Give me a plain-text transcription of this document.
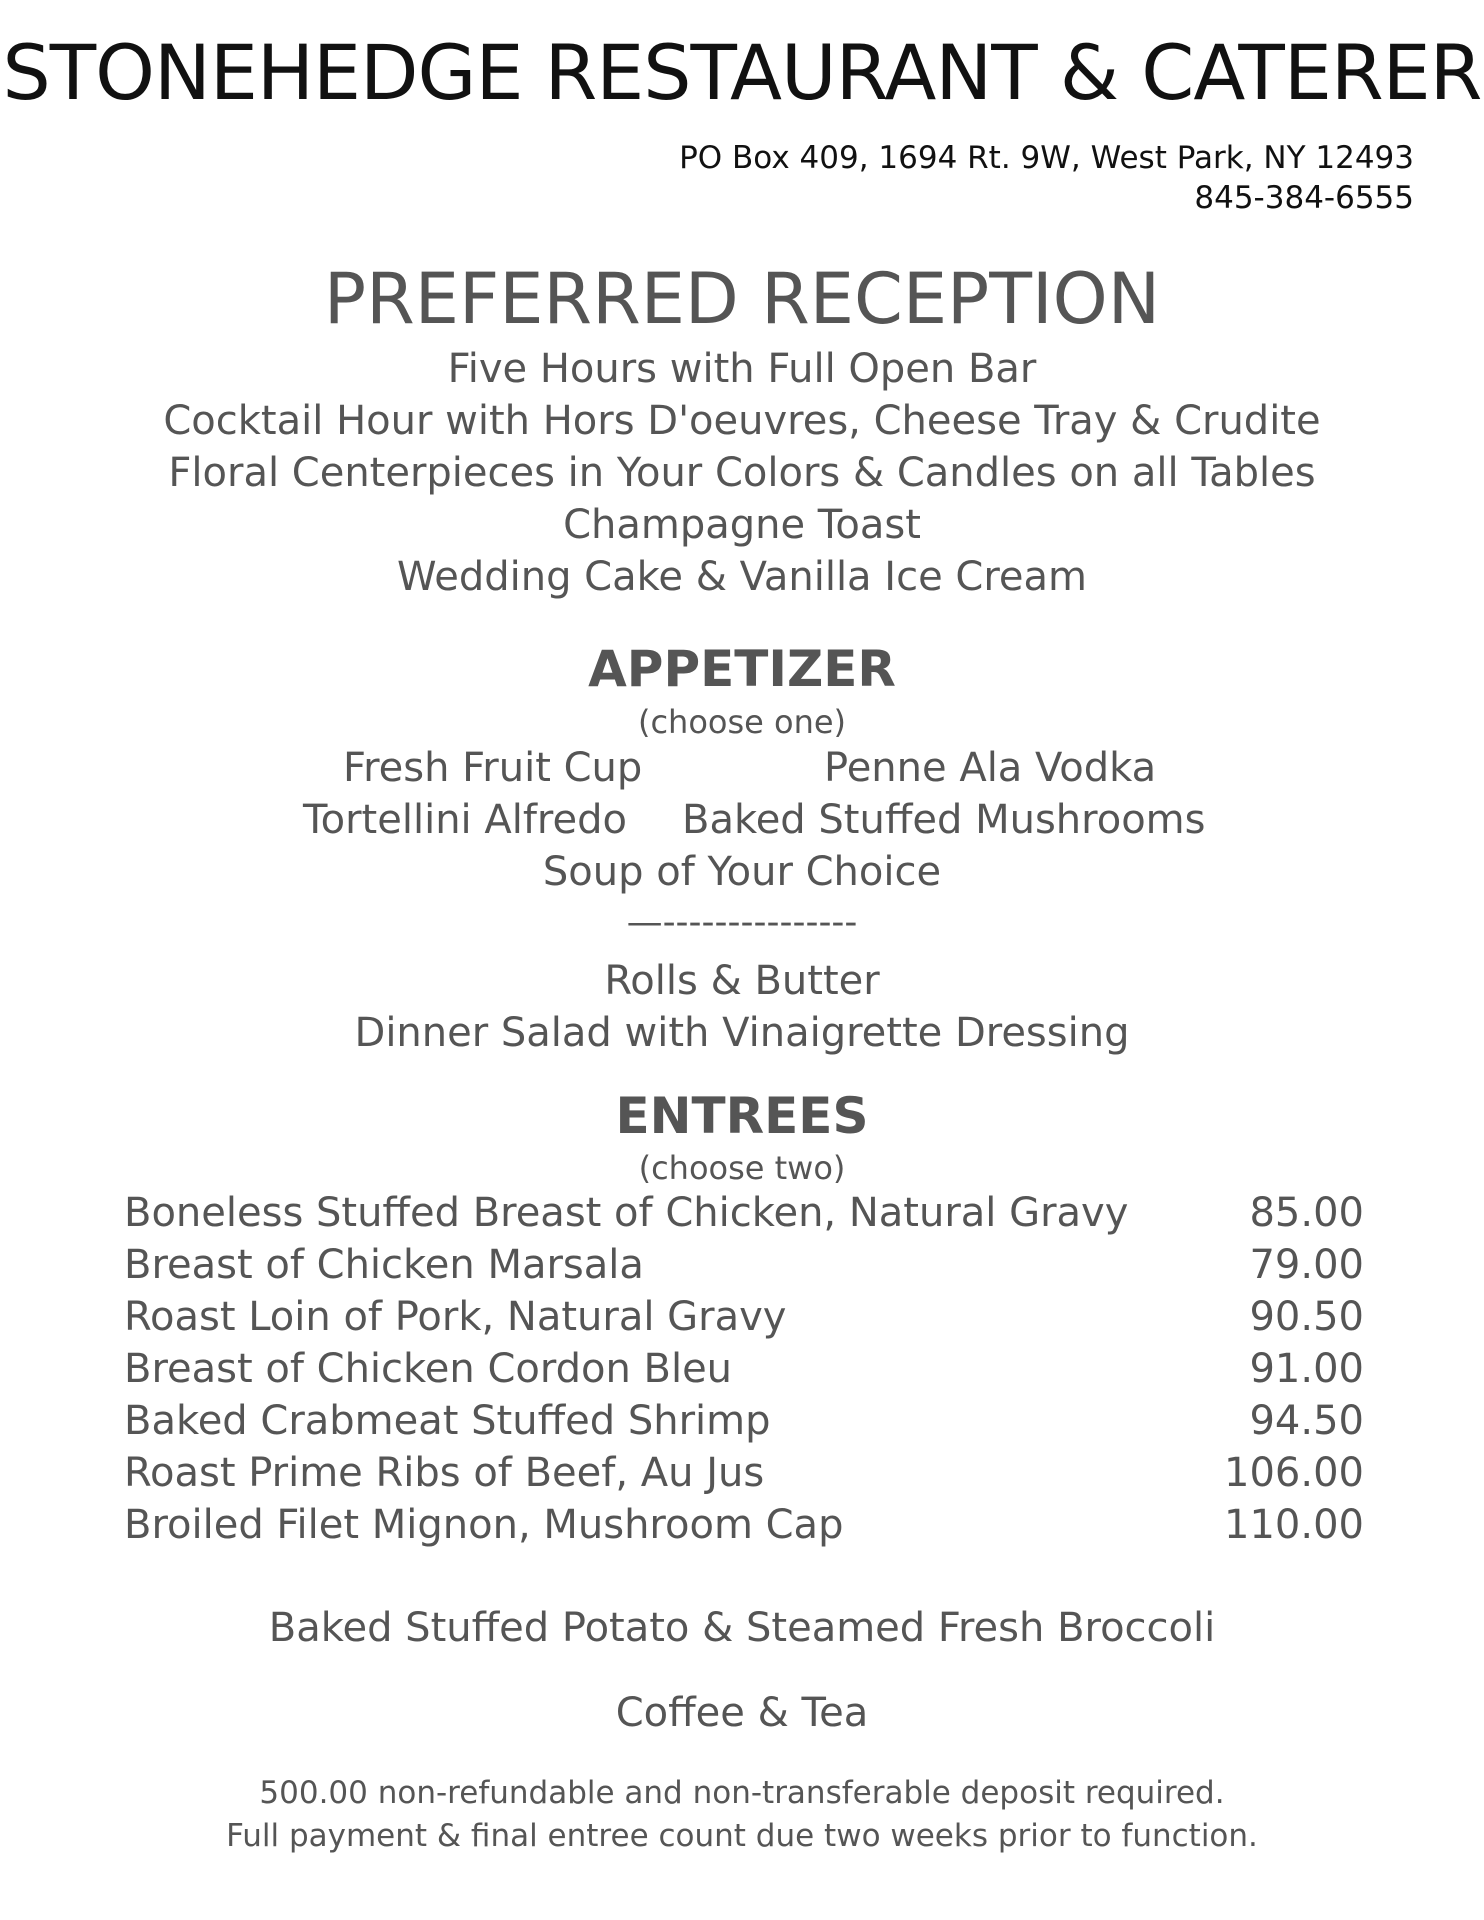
STONEHEDGE RESTAURANT & CATERER
PO Box 409, 1694 Rt. 9W, West Park, NY 12493
845-384-6555
PREFERRED RECEPTION
Five Hours with Full Open Bar
Cocktail Hour with Hors D'oeuvres, Cheese Tray & Crudite
Floral Centerpieces in Your Colors & Candles on all Tables
Champagne Toast
Wedding Cake & Vanilla Ice Cream
APPETIZER
(choose one)
Fresh Fruit Cup	Penne Ala Vodka
Tortellini Alfredo Baked Stuffed Mushrooms
Soup of Your Choice
—---------------
Rolls & Butter
Dinner Salad with Vinaigrette Dressing
ENTREES
(choose two)
Boneless Stuffed Breast of Chicken, Natural Gravy	85.00
Breast of Chicken Marsala	79.00
Roast Loin of Pork, Natural Gravy	90.50
Breast of Chicken Cordon Bleu	91.00
Baked Crabmeat Stuffed Shrimp	94.50
Roast Prime Ribs of Beef, Au Jus	106.00
Broiled Filet Mignon, Mushroom Cap	110.00
Baked Stuffed Potato & Steamed Fresh Broccoli
Coffee & Tea
500.00 non-refundable and non-transferable deposit required.
Full payment & final entree count due two weeks prior to function.
